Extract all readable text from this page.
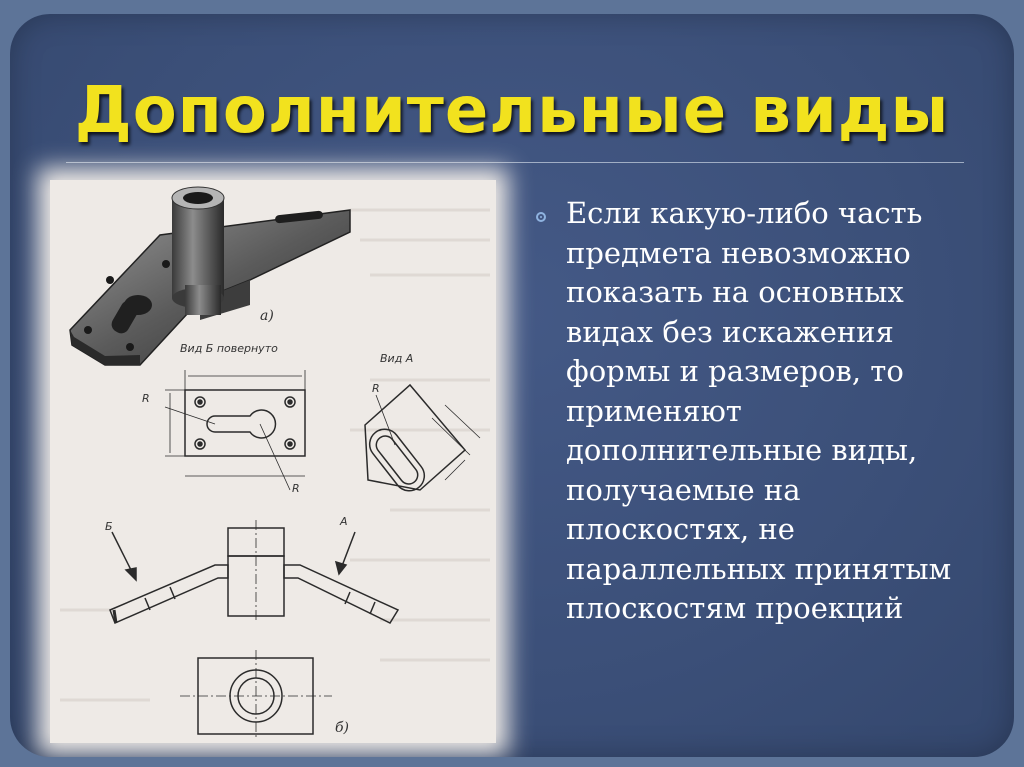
Дополнительные виды
а)
Вид Б повернуто
Вид А
R
R
R
Б	А
б)
Если какую-либо часть предмета невозможно показать на основных видах без искажения формы и размеров, то применяют дополнительные виды, получаемые на плоскостях, не параллельных принятым плоскостям проекций
